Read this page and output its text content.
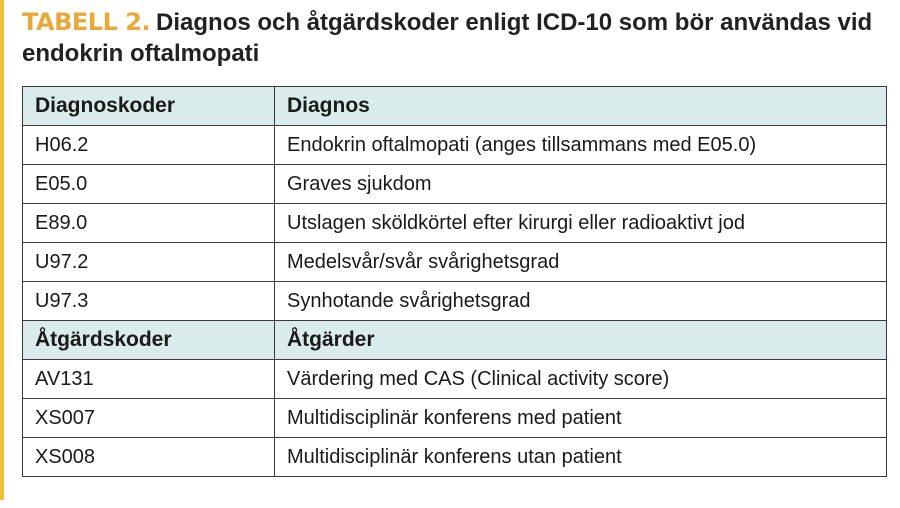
TABELL 2. Diagnos och åtgärdskoder enligt ICD-10 som bör användas vid endokrin oftalmopati
Diagnoskoder	Diagnos
H06.2	Endokrin oftalmopati (anges tillsammans med E05.0)
E05.0	Graves sjukdom
E89.0	Utslagen sköldkörtel efter kirurgi eller radioaktivt jod
U97.2	Medelsvår/svår svårighetsgrad
U97.3	Synhotande svårighetsgrad
Åtgärdskoder	Åtgärder
AV131	Värdering med CAS (Clinical activity score)
XS007	Multidisciplinär konferens med patient
XS008	Multidisciplinär konferens utan patient
